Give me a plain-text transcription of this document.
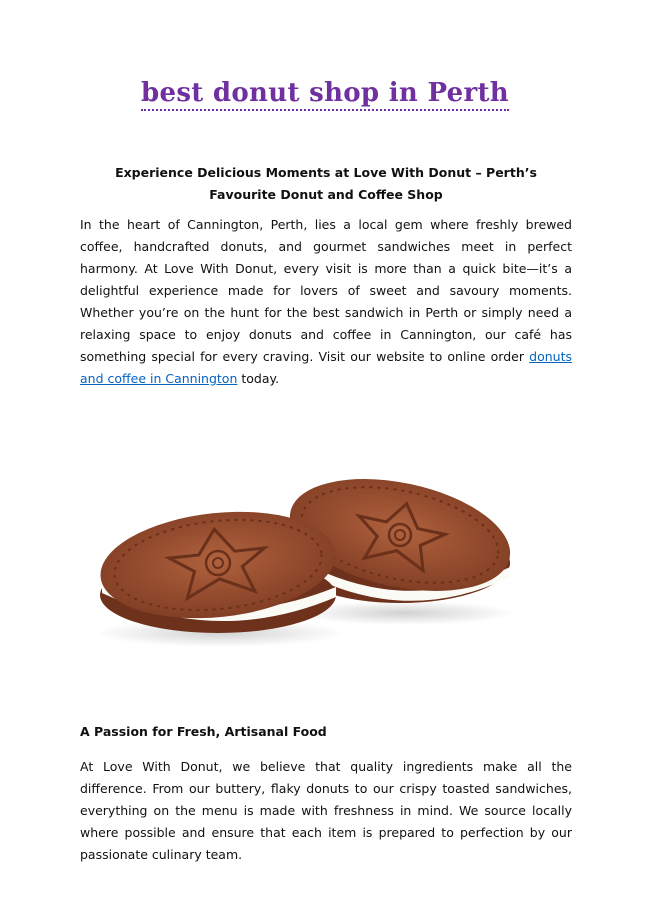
best donut shop in Perth
Experience Delicious Moments at Love With Donut – Perth’s Favourite Donut and Coffee Shop

In the heart of Cannington, Perth, lies a local gem where freshly brewed coffee, handcrafted donuts, and gourmet sandwiches meet in perfect harmony. At Love With Donut, every visit is more than a quick bite—it’s a delightful experience made for lovers of sweet and savoury moments. Whether you’re on the hunt for the best sandwich in Perth or simply need a relaxing space to enjoy donuts and coffee in Cannington, our café has something special for every craving. Visit our website to online order donuts and coffee in Cannington today.

A Passion for Fresh, Artisanal Food

At Love With Donut, we believe that quality ingredients make all the difference. From our buttery, flaky donuts to our crispy toasted sandwiches, everything on the menu is made with freshness in mind. We source locally where possible and ensure that each item is prepared to perfection by our passionate culinary team.
